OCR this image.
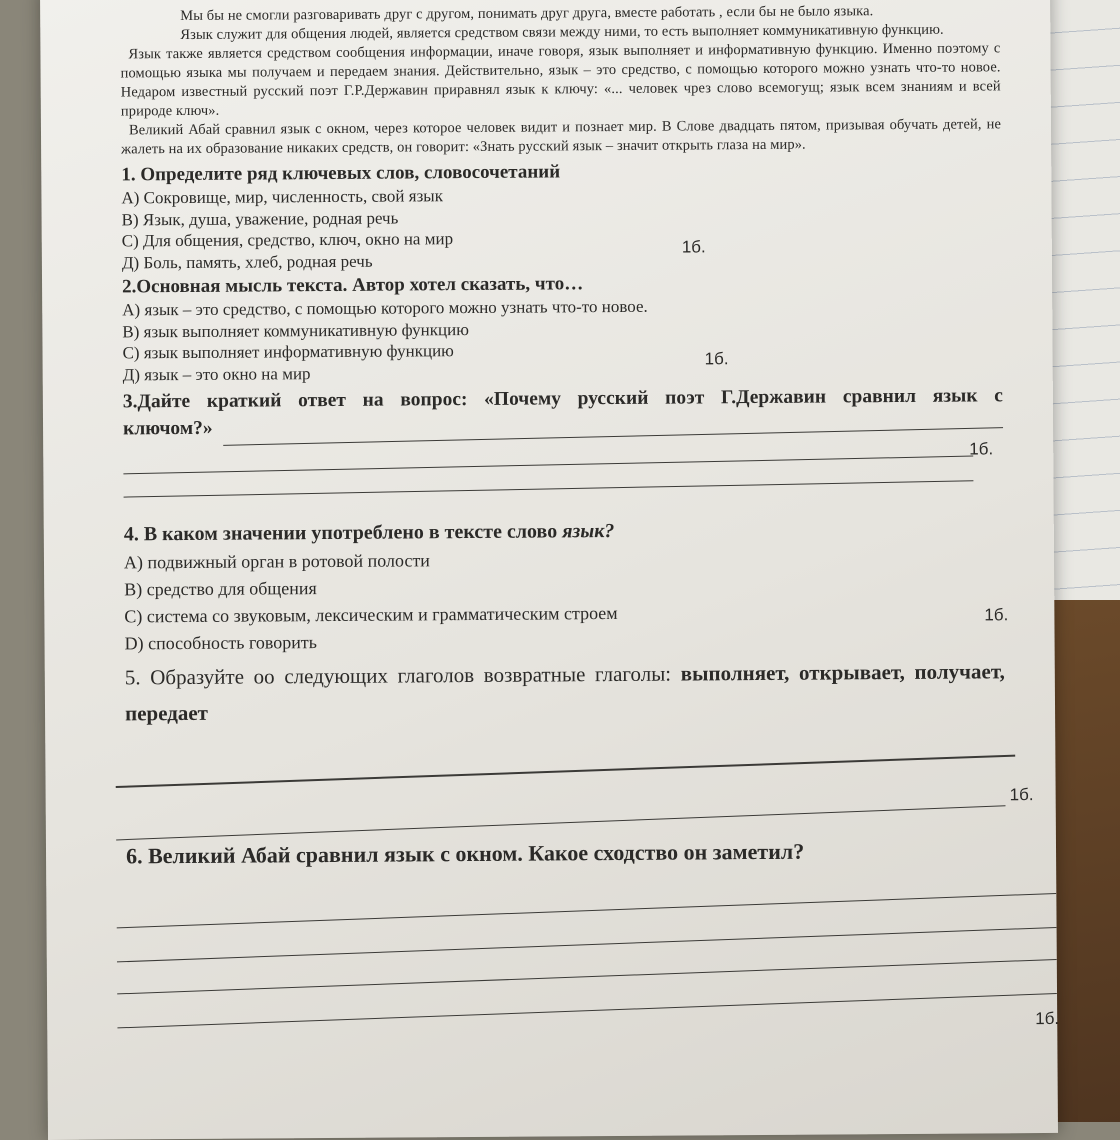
Мы бы не смогли разговаривать друг с другом, понимать друг друга, вместе работать , если бы не было языка.

Язык служит для общения людей, является средством связи между ними, то есть выполняет коммуникативную функцию.

Язык также является средством сообщения информации, иначе говоря, язык выполняет и информативную функцию. Именно поэтому с помощью языка мы получаем и передаем знания. Действительно, язык – это средство, с помощью которого можно узнать что-то новое. Недаром известный русский поэт Г.Р.Державин приравнял язык к ключу: «... человек чрез слово всемогущ; язык всем знаниям и всей природе ключ».

Великий Абай сравнил язык с окном, через которое человек видит и познает мир. В Слове двадцать пятом, призывая обучать детей, не жалеть на их образование никаких средств, он говорит: «Знать русский язык – значит открыть глаза на мир».

1. Определите ряд ключевых слов, словосочетаний

А) Сокровище, мир, численность, свой язык

В) Язык, душа, уважение, родная речь

С) Для общения, средство, ключ, окно на мир

Д) Боль, память, хлеб, родная речь
1б.

2.Основная мысль текста. Автор хотел сказать, что…

А) язык – это средство, с помощью которого можно узнать что-то новое.

В) язык выполняет коммуникативную функцию

С) язык выполняет информативную функцию

Д) язык – это окно на мир
1б.

3.Дайте краткий ответ на вопрос: «Почему русский поэт Г.Державин сравнил язык с

ключом?»
1б.

4. В каком значении употреблено в тексте слово язык?

А) подвижный орган в ротовой полости

В) средство для общения

С) система со звуковым, лексическим и грамматическим строем	1б.

D) способность говорить

5. Образуйте оо следующих глаголов возвратные глаголы: выполняет, открывает, получает, передает

1б.

6. Великий Абай сравнил язык с окном. Какое сходство он заметил?

1б.
